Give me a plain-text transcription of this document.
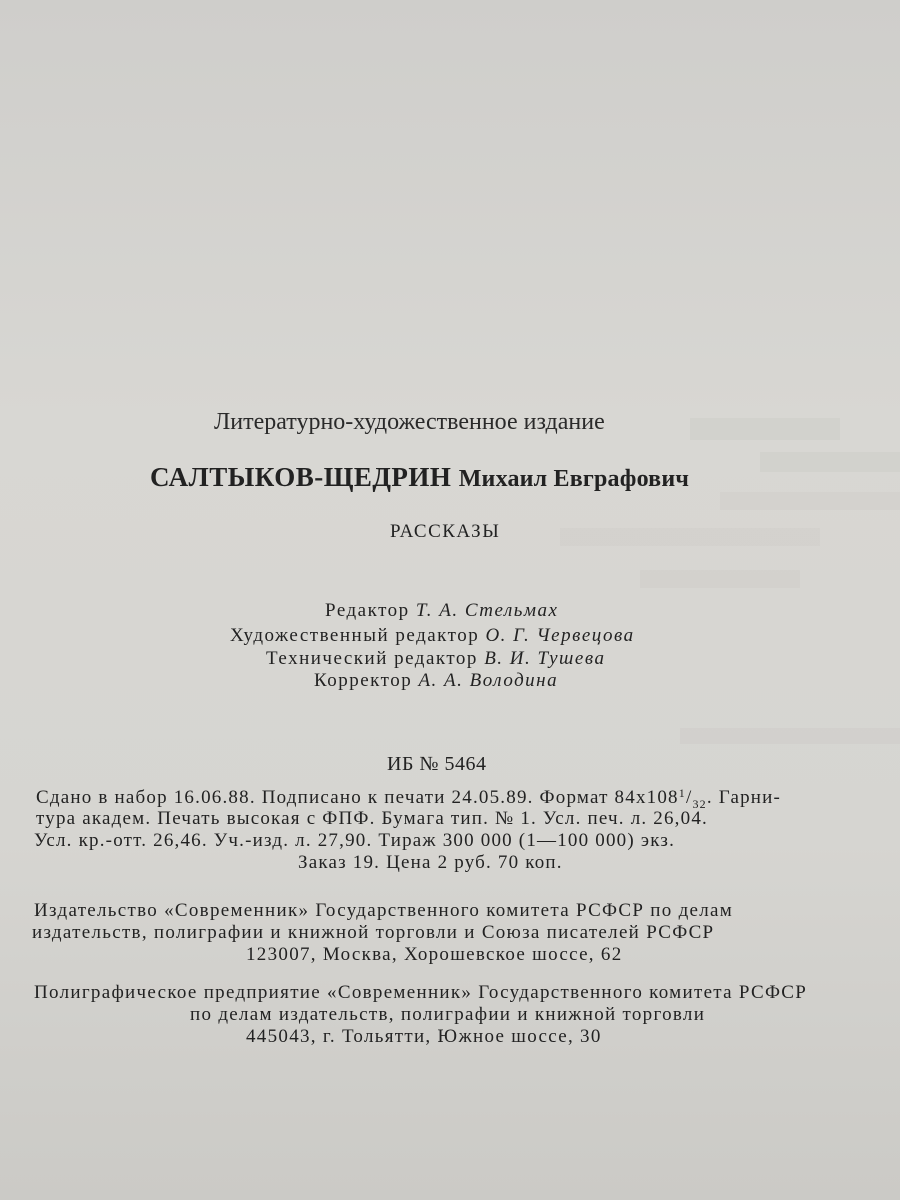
Литературно-художественное издание
САЛТЫКОВ-ЩЕДРИН Михаил Евграфович
РАССКАЗЫ
Редактор Т. А. Стельмах
Художественный редактор О. Г. Червецова
Технический редактор В. И. Тушева
Корректор А. А. Володина
ИБ № 5464
Сдано в набор 16.06.88. Подписано к печати 24.05.89. Формат $84х108^1/_{32}$. Гарни-
тура академ. Печать высокая с ФПФ. Бумага тип. № 1. Усл. печ. л. 26,04.
Усл. кр.-отт. 26,46. Уч.-изд. л. 27,90. Тираж 300 000 (1—100 000) экз.
Заказ 19. Цена 2 руб. 70 коп.
Издательство «Современник» Государственного комитета РСФСР по делам
издательств, полиграфии и книжной торговли и Союза писателей РСФСР
123007, Москва, Хорошевское шоссе, 62
Полиграфическое предприятие «Современник» Государственного комитета РСФСР
по делам издательств, полиграфии и книжной торговли
445043, г. Тольятти, Южное шоссе, 30
